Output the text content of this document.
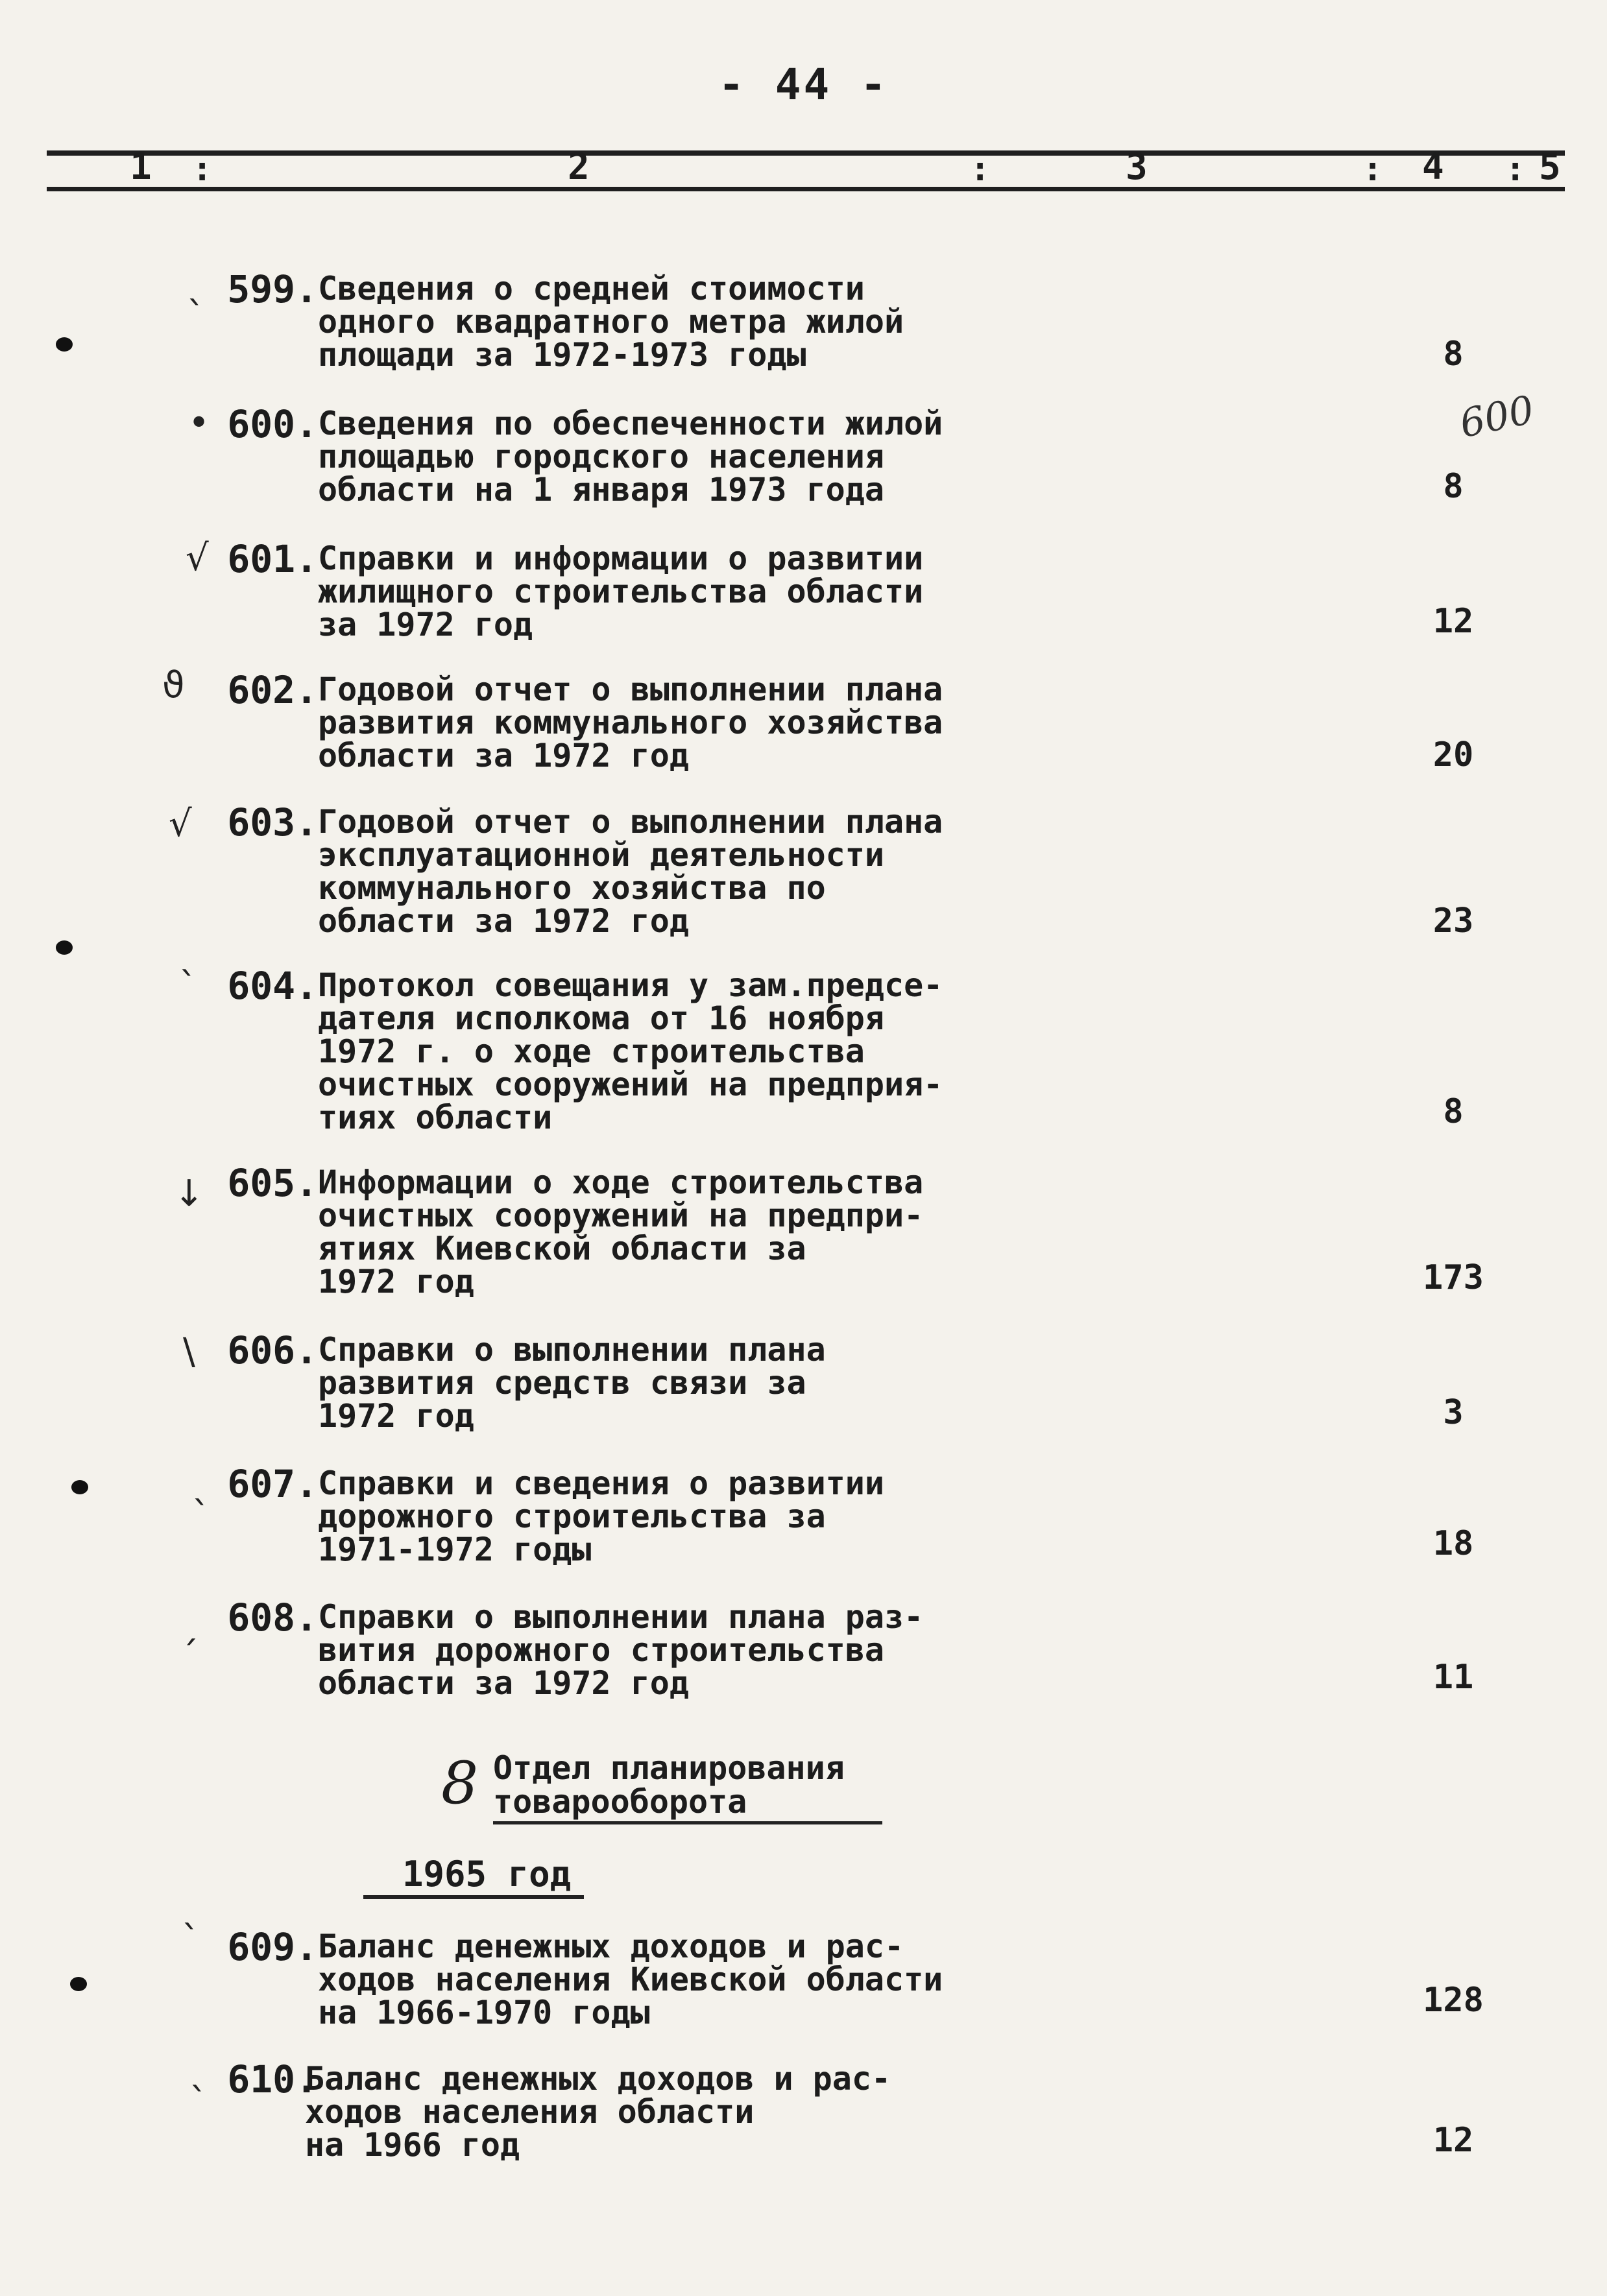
- 44 -
1 :	2	:	3	: 4 : 5
600
ˎ 599. Сведения о средней стоимости
одного квадратного метра жилой
площади за 1972-1973 годы	8
• 600. Сведения по обеспеченности жилой
площадью городского населения
области на 1 января 1973 года	8
√ 601. Справки и информации о развитии
жилищного строительства области
за 1972 год	12
ϑ	602. Годовой отчет о выполнении плана
развития коммунального хозяйства
области за 1972 год	20
√ 603. Годовой отчет о выполнении плана
эксплуатационной деятельности
коммунального хозяйства по
области за 1972 год	23
ˋ 604. Протокол совещания у зам.предсе-
дателя исполкома от 16 ноября
1972 г. о ходе строительства
очистных сооружений на предприя-
тиях области	8
↓ 605. Информации о ходе строительства
очистных сооружений на предпри-
ятиях Киевской области за
1972 год	173
\ 606. Справки о выполнении плана
развития средств связи за
1972 год	3
ˎ 607. Справки и сведения о развитии
дорожного строительства за
1971-1972 годы	18
ˏ 608. Справки о выполнении плана раз-
вития дорожного строительства
области за 1972 год	11
8 Отдел планирования
товарооборота
1965 год
ˋ 609. Баланс денежных доходов и рас-
ходов населения Киевской области
на 1966-1970 годы	128
ˎ 610.
Баланс денежных доходов и рас-
ходов населения области
на 1966 год	12
